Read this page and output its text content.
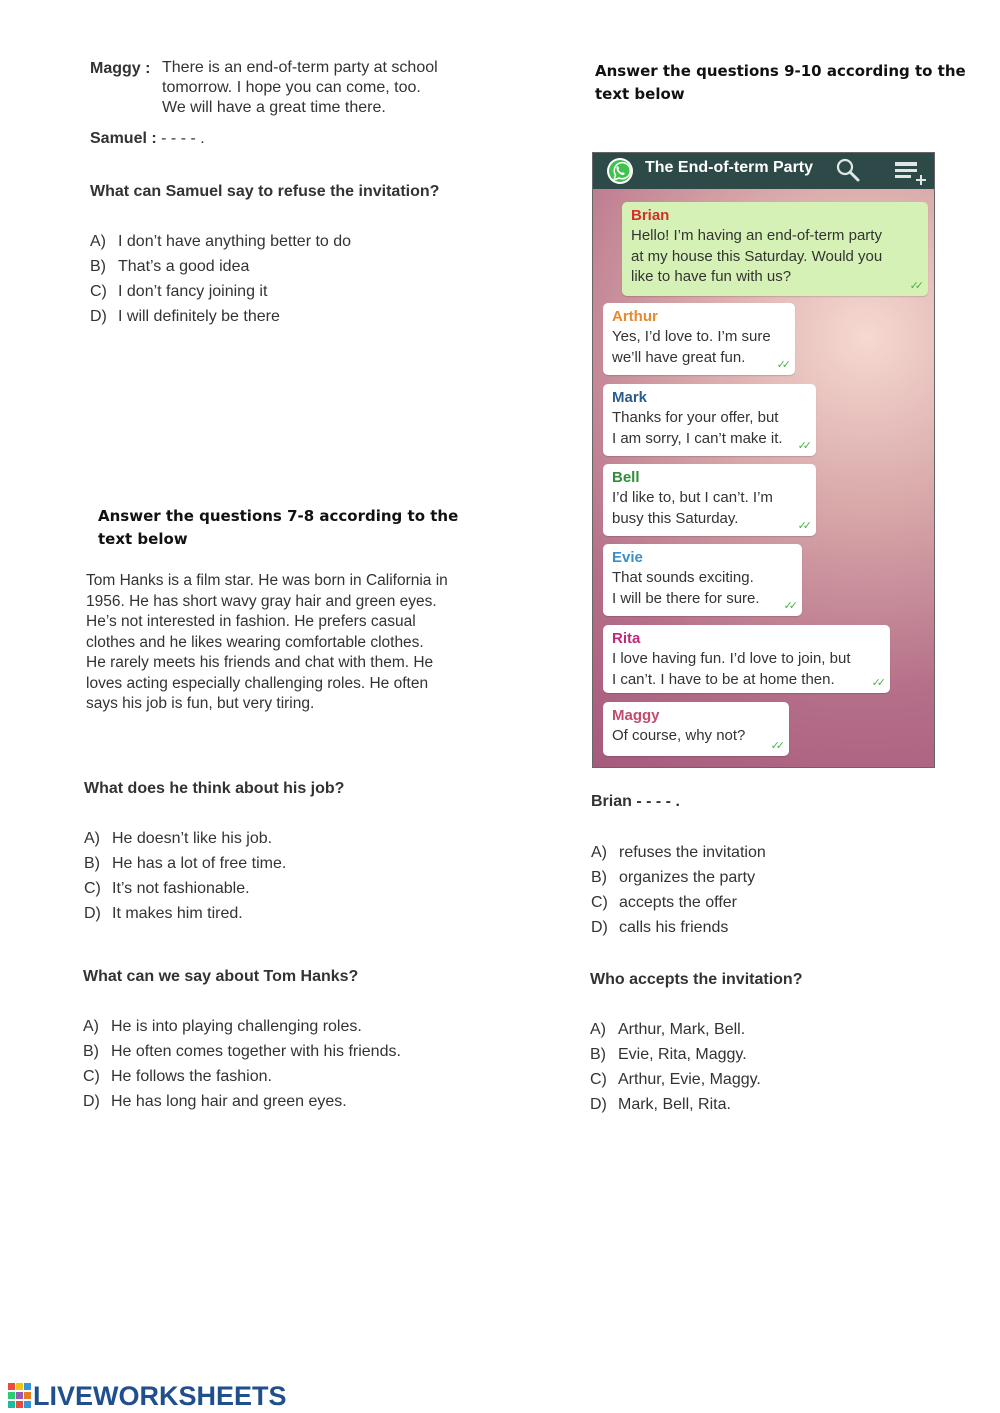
Maggy : There is an end-of-term party at school
tomorrow. I hope you can come, too.
We will have a great time there.
Samuel : - - - - .
What can Samuel say to refuse the invitation?
A) I don’t have anything better to do
B) That’s a good idea
C) I don’t fancy joining it
D) I will definitely be there
Answer the questions 7-8 according to the
text below
Tom Hanks is a film star. He was born in California in
1956. He has short wavy gray hair and green eyes.
He’s not interested in fashion. He prefers casual
clothes and he likes wearing comfortable clothes.
He rarely meets his friends and chat with them. He
loves acting especially challenging roles. He often
says his job is fun, but very tiring.
What does he think about his job?
A) He doesn’t like his job.
B) He has a lot of free time.
C) It’s not fashionable.
D) It makes him tired.
What can we say about Tom Hanks?
A) He is into playing challenging roles.
B) He often comes together with his friends.
C) He follows the fashion.
D) He has long hair and green eyes.
Answer the questions 9-10 according to the
text below
The End-of-term Party
Brian
Hello! I’m having an end-of-term party
at my house this Saturday. Would you
like to have fun with us?
✓✓
Arthur
Yes, I’d love to. I’m sure
we’ll have great fun.	✓✓
Mark
Thanks for your offer, but
I am sorry, I can’t make it.	✓✓
Bell
I’d like to, but I can’t. I’m
busy this Saturday.	✓✓
Evie
That sounds exciting.
I will be there for sure.	✓✓
Rita
I love having fun. I’d love to join, but
I can’t. I have to be at home then.	✓✓
Maggy
Of course, why not?
✓✓
Brian - - - - .
A) refuses the invitation
B) organizes the party
C) accepts the offer
D) calls his friends
Who accepts the invitation?
A) Arthur, Mark, Bell.
B) Evie, Rita, Maggy.
C) Arthur, Evie, Maggy.
D) Mark, Bell, Rita.
LIVEWORKSHEETS
